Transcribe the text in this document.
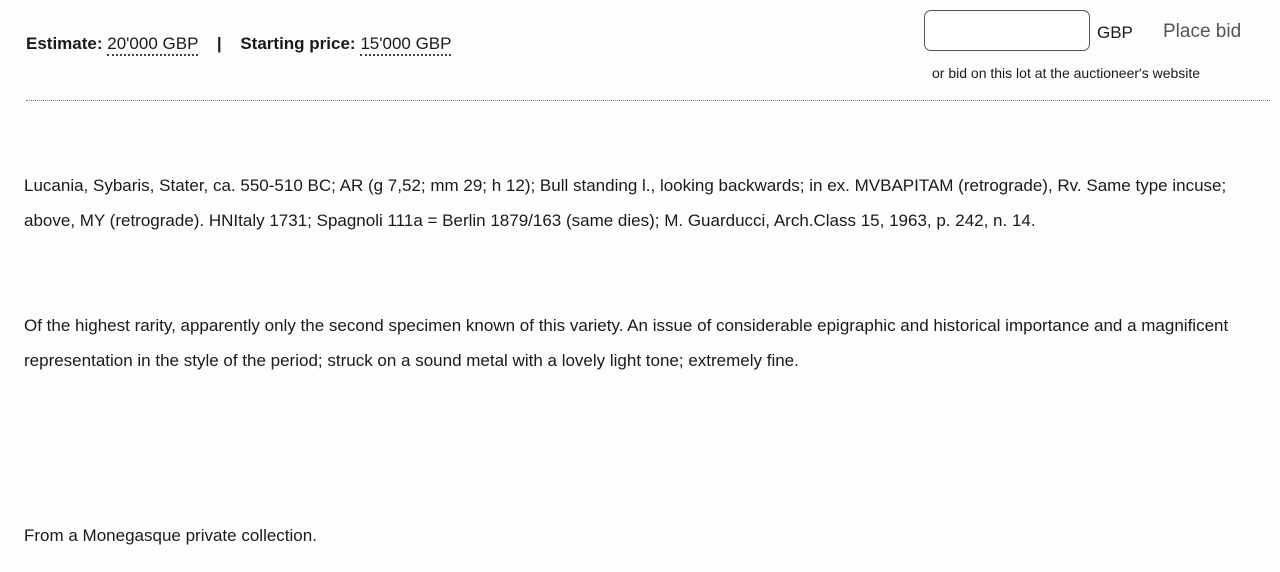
Estimate: 20'000 GBP | Starting price: 15'000 GBP
GBP Place bid
or bid on this lot at the auctioneer's website

Lucania, Sybaris, Stater, ca. 550-510 BC; AR (g 7,52; mm 29; h 12); Bull standing l., looking backwards; in ex. MVBAPITAM (retrograde), Rv. Same type incuse; above, MY (retrograde). HNItaly 1731; Spagnoli 111a = Berlin 1879/163 (same dies); M. Guarducci, Arch.Class 15, 1963, p. 242, n. 14.

Of the highest rarity, apparently only the second specimen known of this variety. An issue of considerable epigraphic and historical importance and a magnificent representation in the style of the period; struck on a sound metal with a lovely light tone; extremely fine.

From a Monegasque private collection.
